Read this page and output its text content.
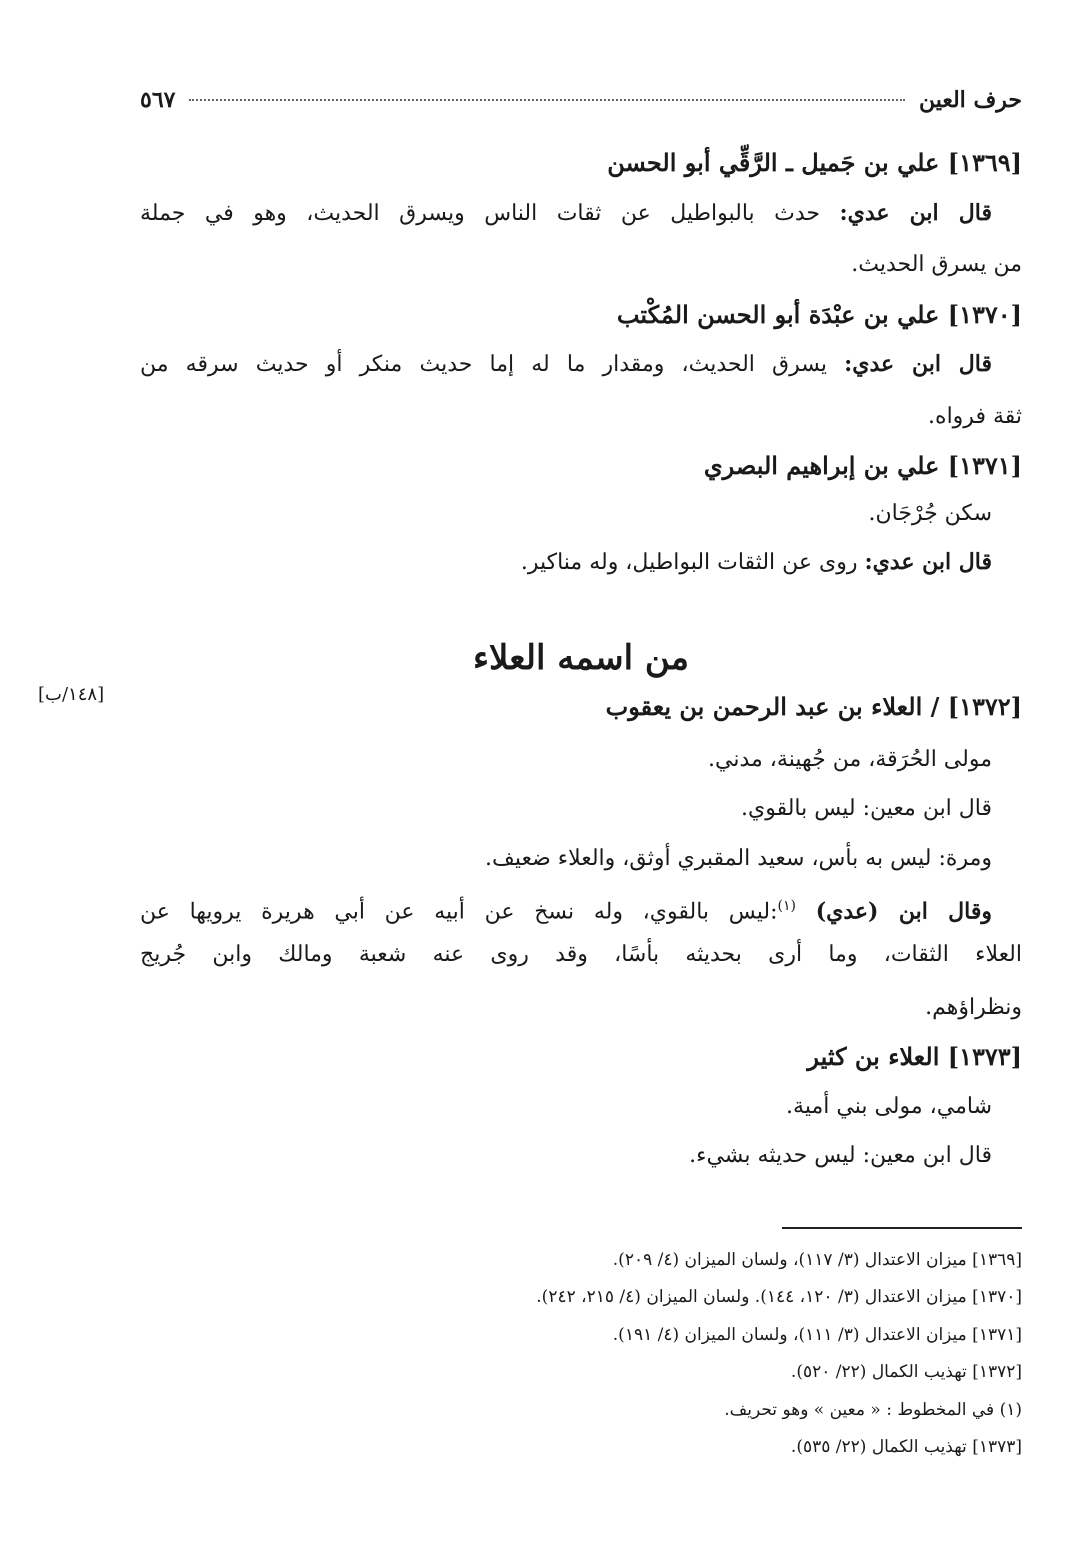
حرف العين
٥٦٧
[١٣٦٩] علي بن جَميل ـ الرَّقِّي أبو الحسن
قال ابن عدي: حدث بالبواطيل عن ثقات الناس ويسرق الحديث، وهو في جملة
من يسرق الحديث.
[١٣٧٠] علي بن عبْدَة أبو الحسن المُكْتب
قال ابن عدي: يسرق الحديث، ومقدار ما له إما حديث منكر أو حديث سرقه من
ثقة فرواه.
[١٣٧١] علي بن إبراهيم البصري
سكن جُرْجَان.
قال ابن عدي: روى عن الثقات البواطيل، وله مناكير.
من اسمه العلاء
[١٤٨/ب]	[١٣٧٢] / العلاء بن عبد الرحمن بن يعقوب
مولى الحُرَقة، من جُهينة، مدني.
قال ابن معين: ليس بالقوي.
ومرة: ليس به بأس، سعيد المقبري أوثق، والعلاء ضعيف.
وقال ابن (عدي) $^{(١)}$:ليس بالقوي، وله نسخ عن أبيه عن أبي هريرة يرويها عن
العلاء الثقات، وما أرى بحديثه بأسًا، وقد روى عنه شعبة ومالك وابن جُريج
ونظراؤهم.
[١٣٧٣] العلاء بن كثير
شامي، مولى بني أمية.
قال ابن معين: ليس حديثه بشيء.
[١٣٦٩] ميزان الاعتدال (٣/ ١١٧)، ولسان الميزان (٤/ ٢٠٩).
[١٣٧٠] ميزان الاعتدال (٣/ ١٢٠، ١٤٤). ولسان الميزان (٤/ ٢١٥، ٢٤٢).
[١٣٧١] ميزان الاعتدال (٣/ ١١١)، ولسان الميزان (٤/ ١٩١).
[١٣٧٢] تهذيب الكمال (٢٢/ ٥٢٠).
(١) في المخطوط : « معين » وهو تحريف.
[١٣٧٣] تهذيب الكمال (٢٢/ ٥٣٥).
